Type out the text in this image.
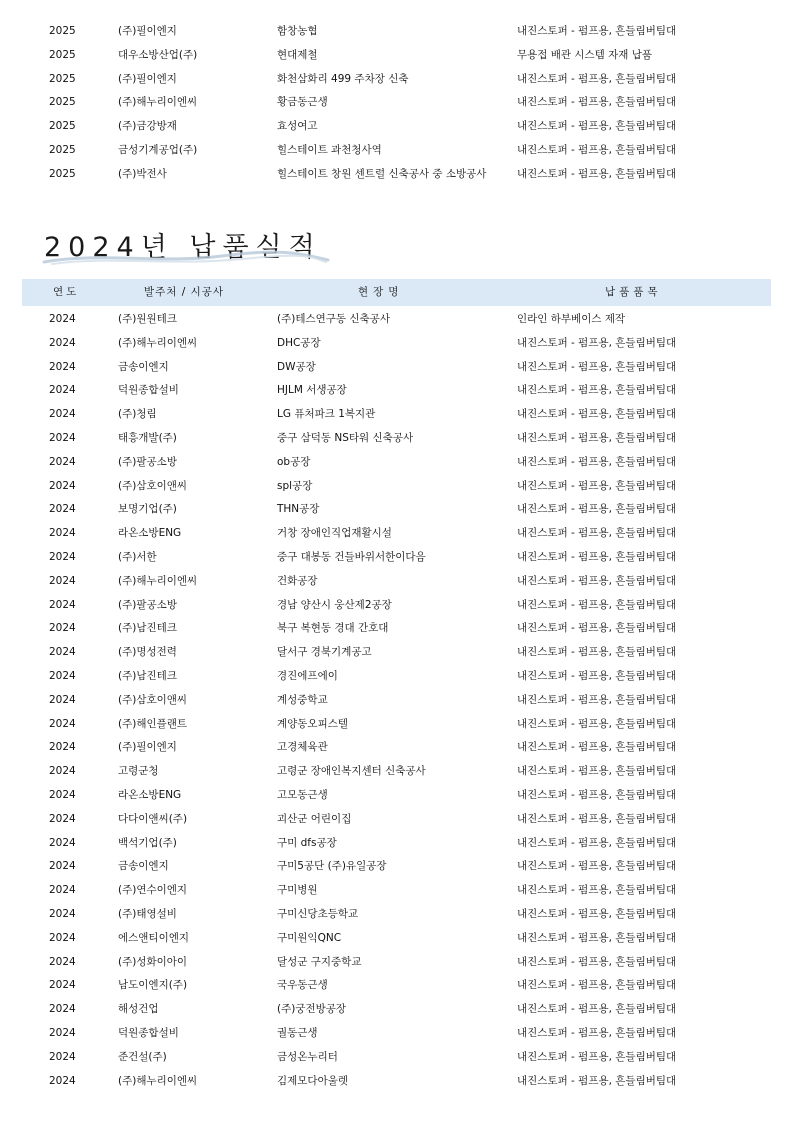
2025	(주)필이엔지	함창농협	내진스토퍼 - 펌프용, 흔들림버팀대
2025	대우소방산업(주)	현대제철	무용접 배관 시스템 자재 납품
2025	(주)필이엔지	화천삼화리 499 주차장 신축	내진스토퍼 - 펌프용, 흔들림버팀대
2025	(주)해누리이엔씨	황금동근생	내진스토퍼 - 펌프용, 흔들림버팀대
2025	(주)금강방재	효성여고	내진스토퍼 - 펌프용, 흔들림버팀대
2025	금성기계공업(주)	힐스테이트 과천청사역	내진스토퍼 - 펌프용, 흔들림버팀대
2025	(주)박전사	힐스테이트 창원 센트럴 신축공사 중 소방공사	내진스토퍼 - 펌프용, 흔들림버팀대
2024년 납품실적
연도	발주처 / 시공사	현장명	납품품목
2024	(주)원원테크	(주)테스연구동 신축공사	인라인 하부베이스 제작
2024	(주)해누리이엔씨	DHC공장	내진스토퍼 - 펌프용, 흔들림버팀대
2024	금송이엔지	DW공장	내진스토퍼 - 펌프용, 흔들림버팀대
2024	덕원종합설비	HJLM 서생공장	내진스토퍼 - 펌프용, 흔들림버팀대
2024	(주)청림	LG 퓨처파크 1복지관	내진스토퍼 - 펌프용, 흔들림버팀대
2024	태흥개발(주)	중구 삼덕동 NS타워 신축공사	내진스토퍼 - 펌프용, 흔들림버팀대
2024	(주)팔공소방	ob공장	내진스토퍼 - 펌프용, 흔들림버팀대
2024	(주)삼호이앤씨	spl공장	내진스토퍼 - 펌프용, 흔들림버팀대
2024	보명기업(주)	THN공장	내진스토퍼 - 펌프용, 흔들림버팀대
2024	라온소방ENG	거창 장애인직업재활시설	내진스토퍼 - 펌프용, 흔들림버팀대
2024	(주)서한	중구 대봉동 건들바위서한이다음	내진스토퍼 - 펌프용, 흔들림버팀대
2024	(주)해누리이엔씨	건화공장	내진스토퍼 - 펌프용, 흔들림버팀대
2024	(주)팔공소방	경남 양산시 웅산제2공장	내진스토퍼 - 펌프용, 흔들림버팀대
2024	(주)남진테크	북구 복현동 경대 간호대	내진스토퍼 - 펌프용, 흔들림버팀대
2024	(주)명성전력	달서구 경북기계공고	내진스토퍼 - 펌프용, 흔들림버팀대
2024	(주)남진테크	경진에프에이	내진스토퍼 - 펌프용, 흔들림버팀대
2024	(주)삼호이앤씨	계성중학교	내진스토퍼 - 펌프용, 흔들림버팀대
2024	(주)해인플랜트	계양동오피스텔	내진스토퍼 - 펌프용, 흔들림버팀대
2024	(주)필이엔지	고경체육관	내진스토퍼 - 펌프용, 흔들림버팀대
2024	고령군청	고령군 장애인복지센터 신축공사	내진스토퍼 - 펌프용, 흔들림버팀대
2024	라온소방ENG	고모동근생	내진스토퍼 - 펌프용, 흔들림버팀대
2024	다다이앤씨(주)	괴산군 어린이집	내진스토퍼 - 펌프용, 흔들림버팀대
2024	백석기업(주)	구미 dfs공장	내진스토퍼 - 펌프용, 흔들림버팀대
2024	금송이엔지	구미5공단 (주)유일공장	내진스토퍼 - 펌프용, 흔들림버팀대
2024	(주)연수이엔지	구미병원	내진스토퍼 - 펌프용, 흔들림버팀대
2024	(주)태영설비	구미신당초등학교	내진스토퍼 - 펌프용, 흔들림버팀대
2024	에스앤티이엔지	구미원익QNC	내진스토퍼 - 펌프용, 흔들림버팀대
2024	(주)성화이아이	달성군 구지중학교	내진스토퍼 - 펌프용, 흔들림버팀대
2024	남도이엔지(주)	국우동근생	내진스토퍼 - 펌프용, 흔들림버팀대
2024	해성건업	(주)궁전방공장	내진스토퍼 - 펌프용, 흔들림버팀대
2024	덕원종합설비	궐동근생	내진스토퍼 - 펌프용, 흔들림버팀대
2024	준건설(주)	금성온누리터	내진스토퍼 - 펌프용, 흔들림버팀대
2024	(주)해누리이엔씨	김제모다아울렛	내진스토퍼 - 펌프용, 흔들림버팀대
